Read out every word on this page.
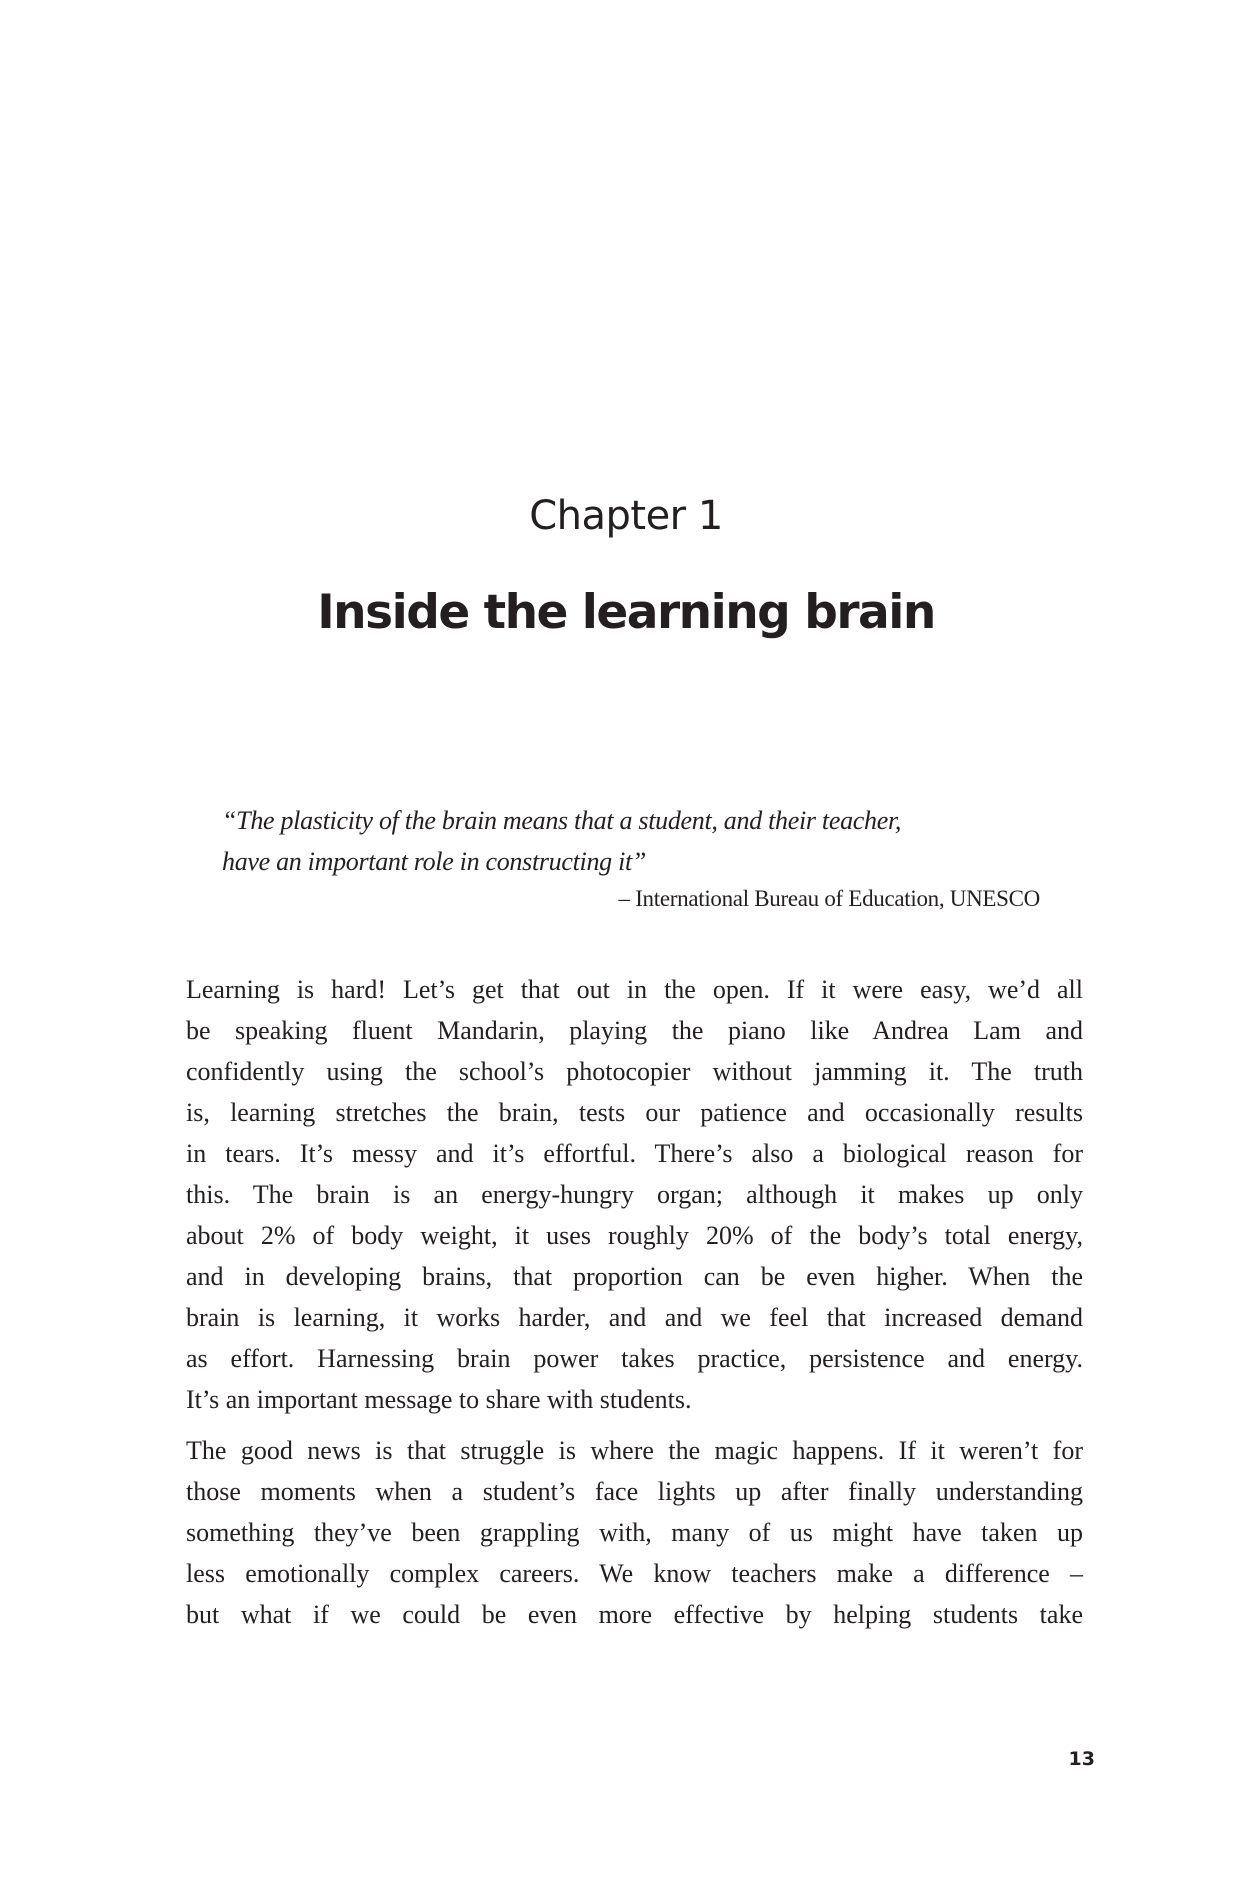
Chapter 1
Inside the learning brain
“The plasticity of the brain means that a student, and their teacher,
have an important role in constructing it”
– International Bureau of Education, UNESCO

Learning is hard! Let’s get that out in the open. If it were easy, we’d all
be speaking fluent Mandarin, playing the piano like Andrea Lam and
confidently using the school’s photocopier without jamming it. The truth
is, learning stretches the brain, tests our patience and occasionally results
in tears. It’s messy and it’s effortful. There’s also a biological reason for
this. The brain is an energy-hungry organ; although it makes up only
about 2% of body weight, it uses roughly 20% of the body’s total energy,
and in developing brains, that proportion can be even higher. When the
brain is learning, it works harder, and and we feel that increased demand
as effort. Harnessing brain power takes practice, persistence and energy.
It’s an important message to share with students.

The good news is that struggle is where the magic happens. If it weren’t for
those moments when a student’s face lights up after finally understanding
something they’ve been grappling with, many of us might have taken up
less emotionally complex careers. We know teachers make a difference –
but what if we could be even more effective by helping students take

13
